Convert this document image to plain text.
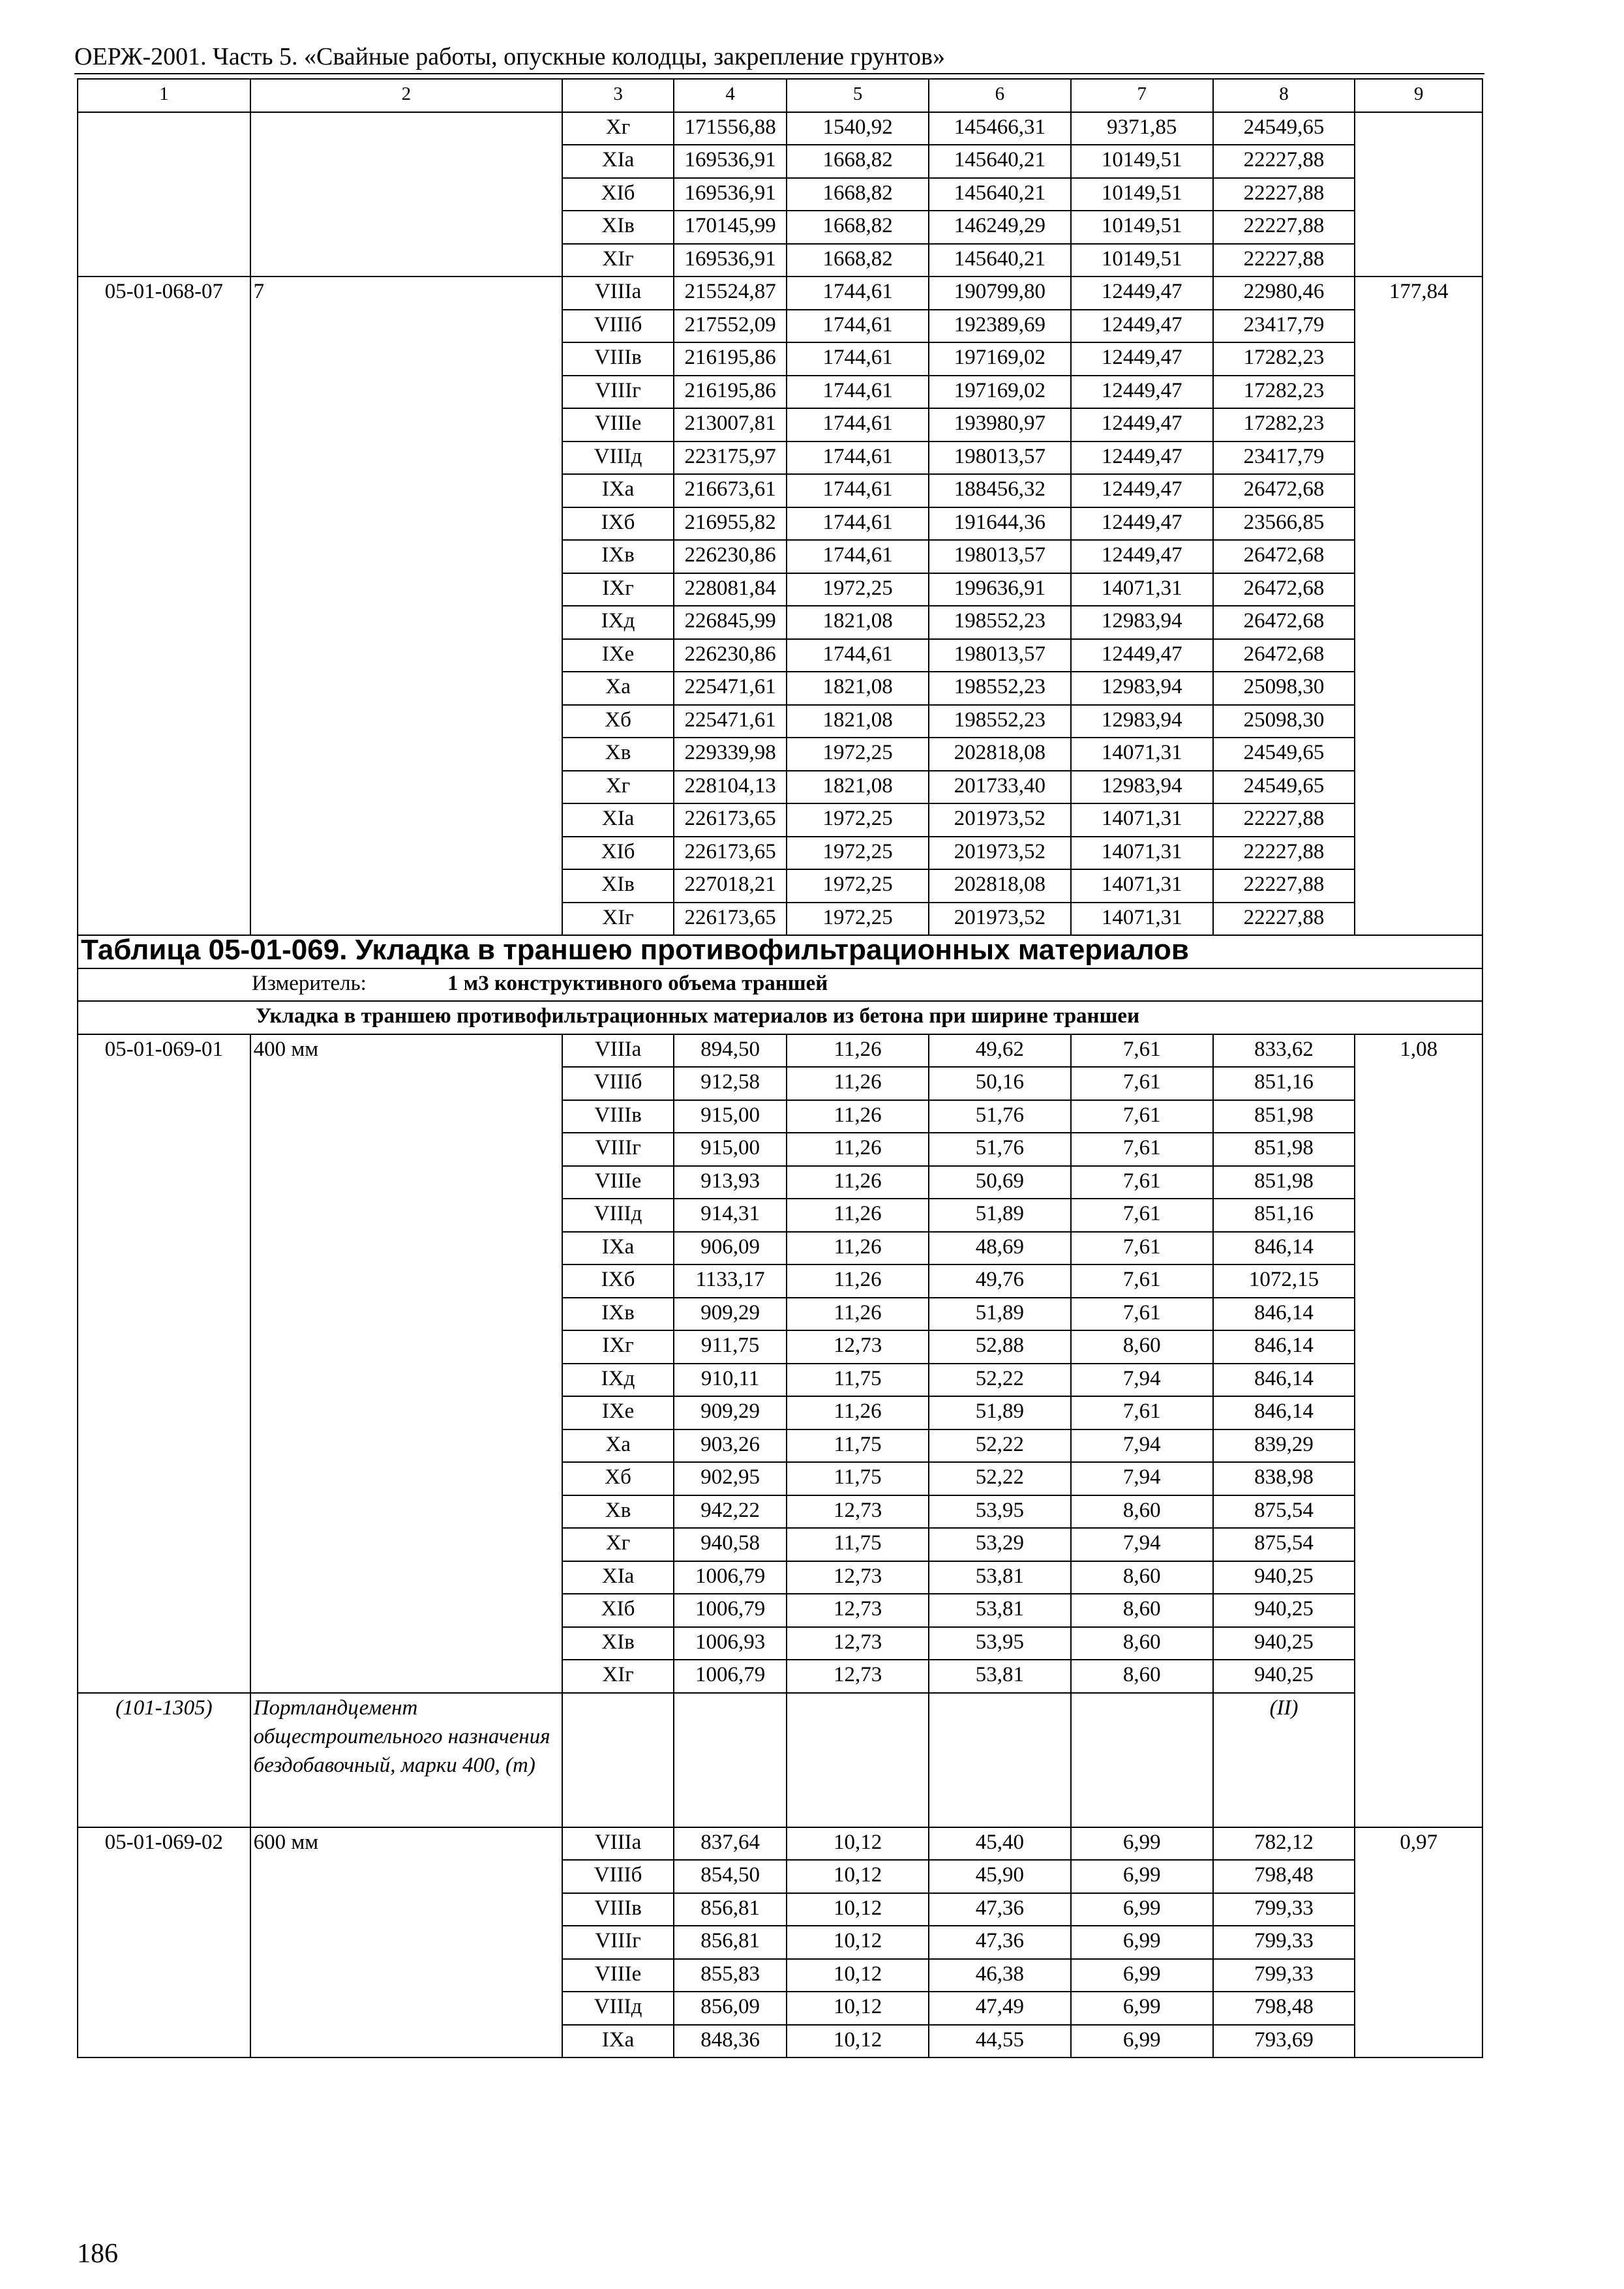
ОЕРЖ-2001. Часть 5. «Свайные работы, опускные колодцы, закрепление грунтов»
1	2	3	4	5	6	7	8	9
		Xг	171556,88	1540,92	145466,31	9371,85	24549,65	
		XIа	169536,91	1668,82	145640,21	10149,51	22227,88	
		XIб	169536,91	1668,82	145640,21	10149,51	22227,88	
		XIв	170145,99	1668,82	146249,29	10149,51	22227,88	
		XIг	169536,91	1668,82	145640,21	10149,51	22227,88	
05-01-068-07	7	VIIIа	215524,87	1744,61	190799,80	12449,47	22980,46	177,84
		VIIIб	217552,09	1744,61	192389,69	12449,47	23417,79	
		VIIIв	216195,86	1744,61	197169,02	12449,47	17282,23	
		VIIIг	216195,86	1744,61	197169,02	12449,47	17282,23	
		VIIIе	213007,81	1744,61	193980,97	12449,47	17282,23	
		VIIIд	223175,97	1744,61	198013,57	12449,47	23417,79	
		IXа	216673,61	1744,61	188456,32	12449,47	26472,68	
		IXб	216955,82	1744,61	191644,36	12449,47	23566,85	
		IXв	226230,86	1744,61	198013,57	12449,47	26472,68	
		IXг	228081,84	1972,25	199636,91	14071,31	26472,68	
		IXд	226845,99	1821,08	198552,23	12983,94	26472,68	
		IXе	226230,86	1744,61	198013,57	12449,47	26472,68	
		Xа	225471,61	1821,08	198552,23	12983,94	25098,30	
		Xб	225471,61	1821,08	198552,23	12983,94	25098,30	
		Xв	229339,98	1972,25	202818,08	14071,31	24549,65	
		Xг	228104,13	1821,08	201733,40	12983,94	24549,65	
		XIа	226173,65	1972,25	201973,52	14071,31	22227,88	
		XIб	226173,65	1972,25	201973,52	14071,31	22227,88	
		XIв	227018,21	1972,25	202818,08	14071,31	22227,88	
		XIг	226173,65	1972,25	201973,52	14071,31	22227,88	
Таблица 05-01-069. Укладка в траншею противофильтрационных материалов								
Измеритель: 1 м3 конструктивного объема траншей								
Укладка в траншею противофильтрационных материалов из бетона при ширине траншеи								
05-01-069-01	400 мм	VIIIа	894,50	11,26	49,62	7,61	833,62	1,08
		VIIIб	912,58	11,26	50,16	7,61	851,16	
		VIIIв	915,00	11,26	51,76	7,61	851,98	
		VIIIг	915,00	11,26	51,76	7,61	851,98	
		VIIIе	913,93	11,26	50,69	7,61	851,98	
		VIIIд	914,31	11,26	51,89	7,61	851,16	
		IXа	906,09	11,26	48,69	7,61	846,14	
		IXб	1133,17	11,26	49,76	7,61	1072,15	
		IXв	909,29	11,26	51,89	7,61	846,14	
		IXг	911,75	12,73	52,88	8,60	846,14	
		IXд	910,11	11,75	52,22	7,94	846,14	
		IXе	909,29	11,26	51,89	7,61	846,14	
		Xа	903,26	11,75	52,22	7,94	839,29	
		Xб	902,95	11,75	52,22	7,94	838,98	
		Xв	942,22	12,73	53,95	8,60	875,54	
		Xг	940,58	11,75	53,29	7,94	875,54	
		XIа	1006,79	12,73	53,81	8,60	940,25	
		XIб	1006,79	12,73	53,81	8,60	940,25	
		XIв	1006,93	12,73	53,95	8,60	940,25	
		XIг	1006,79	12,73	53,81	8,60	940,25	
(101-1305)	Портландцемент общестроительного назначения бездобавочный, марки 400, (т)						(II)	
05-01-069-02	600 мм	VIIIа	837,64	10,12	45,40	6,99	782,12	0,97
		VIIIб	854,50	10,12	45,90	6,99	798,48	
		VIIIв	856,81	10,12	47,36	6,99	799,33	
		VIIIг	856,81	10,12	47,36	6,99	799,33	
		VIIIе	855,83	10,12	46,38	6,99	799,33	
		VIIIд	856,09	10,12	47,49	6,99	798,48	
		IXа	848,36	10,12	44,55	6,99	793,69	
186
